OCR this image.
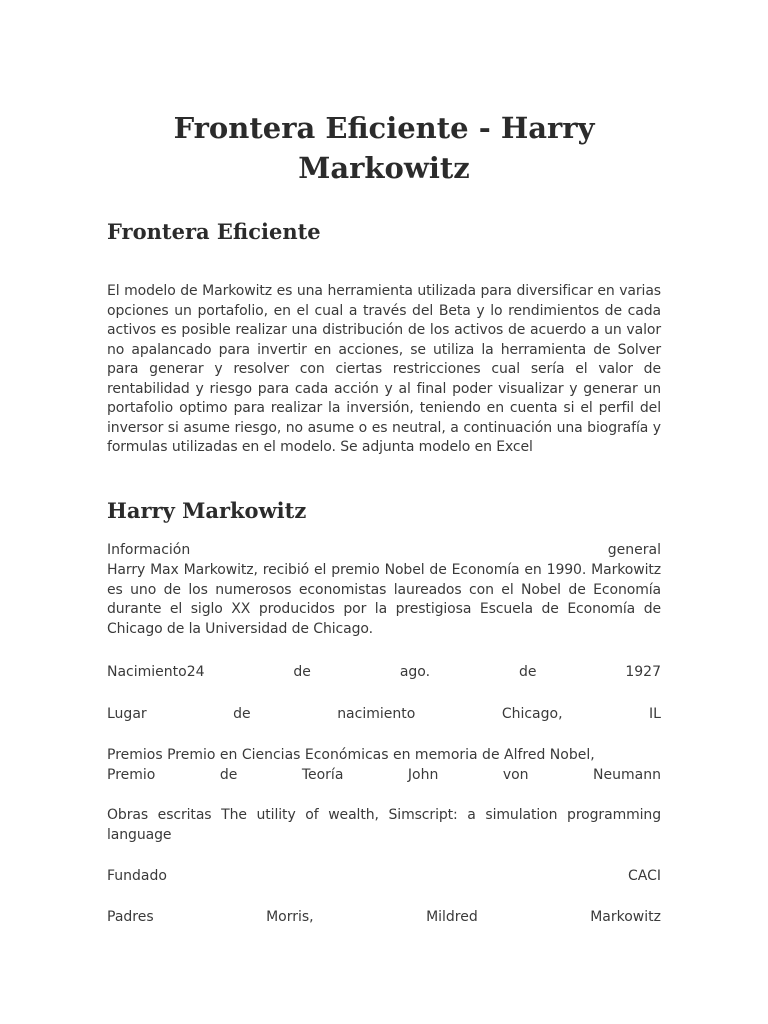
Frontera Eficiente - Harry Markowitz
Frontera Eficiente

El modelo de Markowitz es una herramienta utilizada para diversificar en varias opciones un portafolio, en el cual a través del Beta y lo rendimientos de cada activos es posible realizar una distribución de los activos de acuerdo a un valor no apalancado para invertir en acciones, se utiliza la herramienta de Solver para generar y resolver con ciertas restricciones cual sería el valor de rentabilidad y riesgo para cada acción y al final poder visualizar y generar un portafolio optimo para realizar la inversión, teniendo en cuenta si el perfil del inversor si asume riesgo, no asume o es neutral, a continuación una biografía y formulas utilizadas en el modelo. Se adjunta modelo en Excel

Harry Markowitz
Información	general

Harry Max Markowitz, recibió el premio Nobel de Economía en 1990. Markowitz es uno de los numerosos economistas laureados con el Nobel de Economía durante el siglo XX producidos por la prestigiosa Escuela de Economía de Chicago de la Universidad de Chicago.

Nacimiento24	de	ago.	de	1927
Lugar	de	nacimiento	Chicago,	IL
Premios Premio en Ciencias Económicas en memoria de Alfred Nobel,
Premio	de	Teoría	John	von	Neumann

Obras escritas The utility of wealth, Simscript: a simulation programming language

Fundado	CACI
Padres	Morris,	Mildred	Markowitz
